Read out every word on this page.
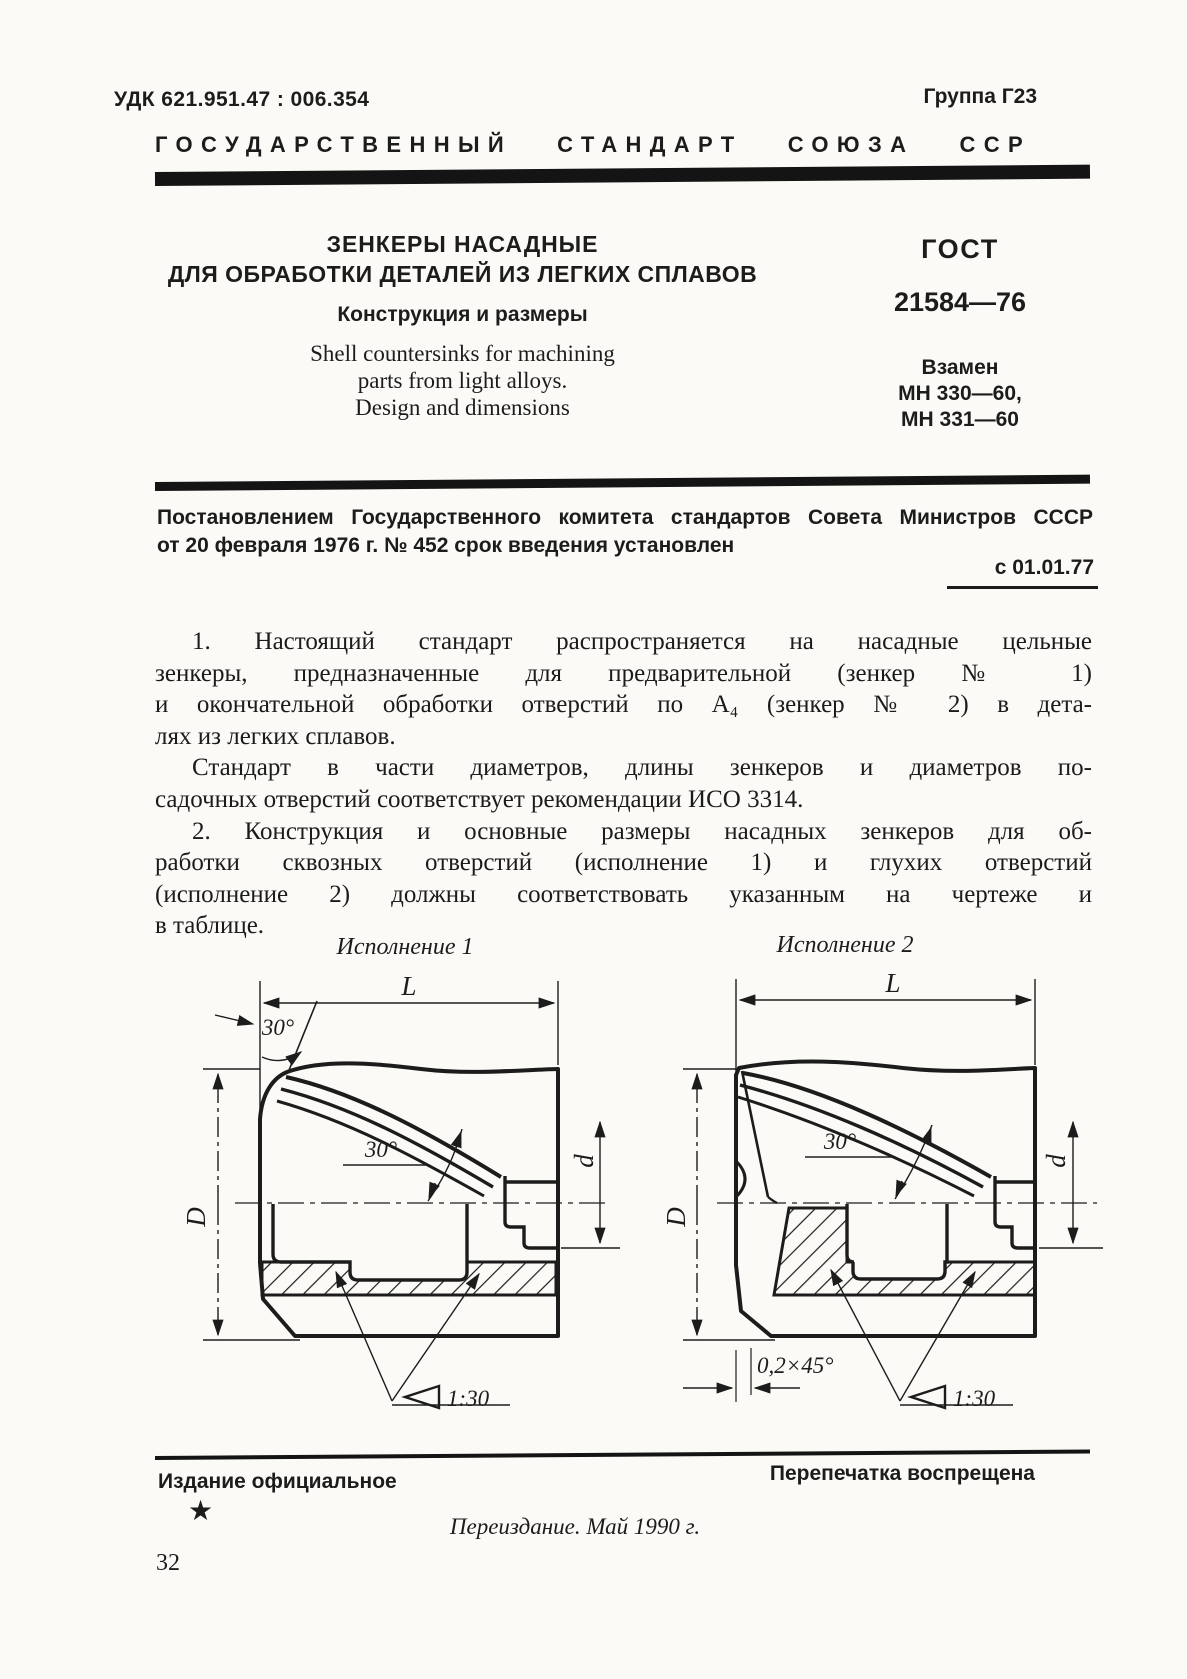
УДК 621.951.47 : 006.354	Группа Г23
ГОСУДАРСТВЕННЫЙ СТАНДАРТ СОЮЗА ССР
ЗЕНКЕРЫ НАСАДНЫЕ
ДЛЯ ОБРАБОТКИ ДЕТАЛЕЙ ИЗ ЛЕГКИХ СПЛАВОВ
Конструкция и размеры
Shell countersinks for machining
parts from light alloys.
Design and dimensions
ГОСТ
21584—76
Взамен
МН 330—60,
МН 331—60
Постановлением Государственного комитета стандартов Совета Министров СССР
от 20 февраля 1976 г. № 452 срок введения установлен
с 01.01.77
1. Настоящий стандарт распространяется на насадные цельные
зенкеры, предназначенные для предварительной (зенкер № 1)
и окончательной обработки отверстий по А₄ (зенкер № 2) в дета-
лях из легких сплавов.
Стандарт в части диаметров, длины зенкеров и диаметров по-
садочных отверстий соответствует рекомендации ИСО 3314.
2. Конструкция и основные размеры насадных зенкеров для об-
работки сквозных отверстий (исполнение 1) и глухих отверстий
(исполнение 2) должны соответствовать указанным на чертеже и
в таблице.
Исполнение 1	Исполнение 2
L
30°
30°
D
d
1:30
L
30°
D
d
0,2×45°
1:30
Издание официальное	Перепечатка воспрещена
★
Переиздание. Май 1990 г.
32
